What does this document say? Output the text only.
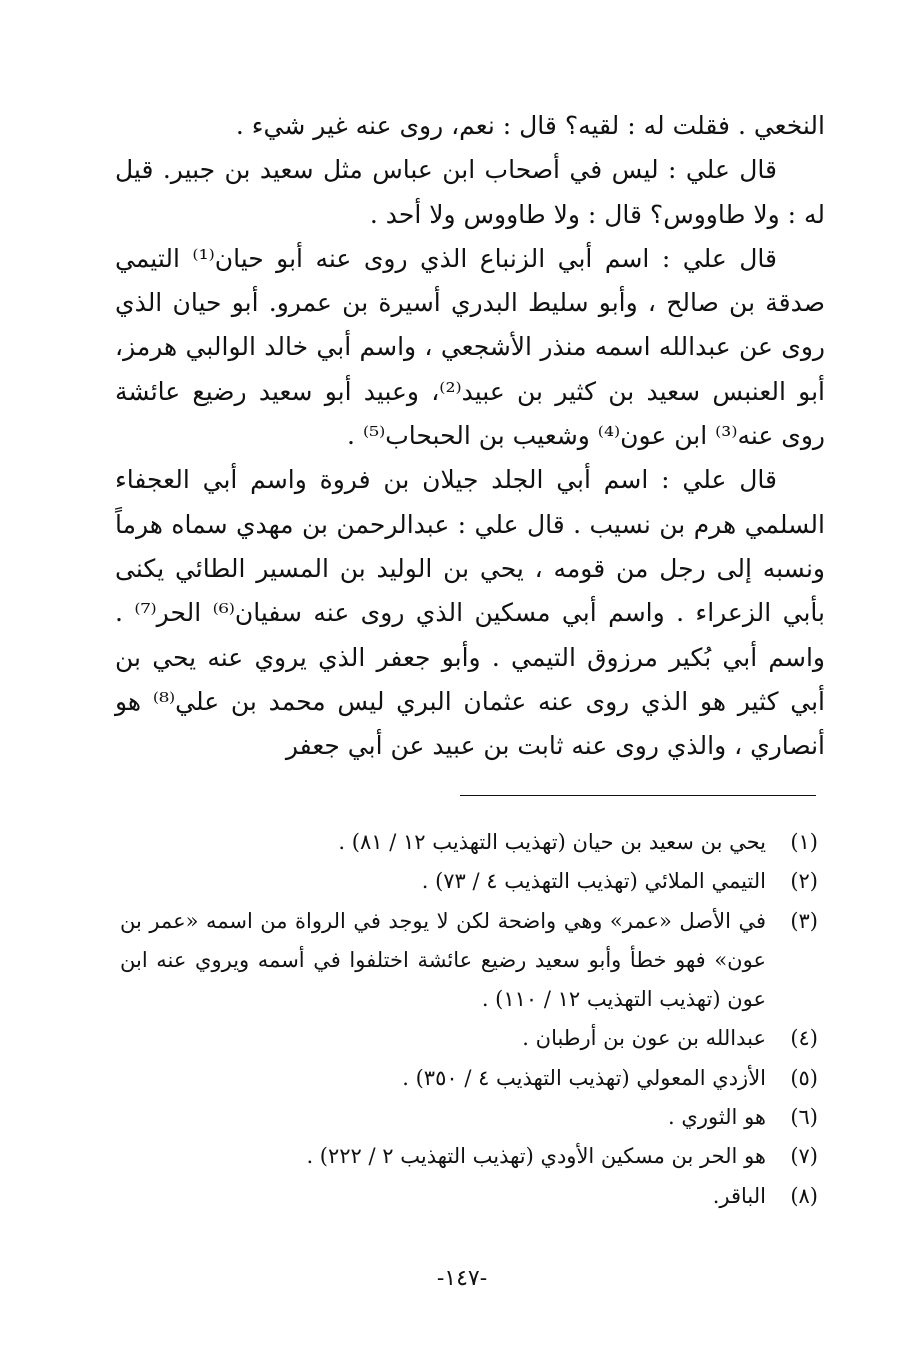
النخعي . فقلت له : لقيه؟ قال : نعم، روى عنه غير شيء .

قال علي : ليس في أصحاب ابن عباس مثل سعيد بن جبير. قيل له : ولا طاووس؟ قال : ولا طاووس ولا أحد .

قال علي : اسم أبي الزنباع الذي روى عنه أبو حيان⁽¹⁾ التيمي صدقة بن صالح ، وأبو سليط البدري أسيرة بن عمرو. أبو حيان الذي روى عن عبدالله اسمه منذر الأشجعي ، واسم أبي خالد الوالبي هرمز، أبو العنبس سعيد بن كثير بن عبيد⁽²⁾، وعبيد أبو سعيد رضيع عائشة روى عنه⁽³⁾ ابن عون⁽⁴⁾ وشعيب بن الحبحاب⁽⁵⁾ .

قال علي : اسم أبي الجلد جيلان بن فروة واسم أبي العجفاء السلمي هرم بن نسيب . قال علي : عبدالرحمن بن مهدي سماه هرماً ونسبه إلى رجل من قومه ، يحي بن الوليد بن المسير الطائي يكنى بأبي الزعراء . واسم أبي مسكين الذي روى عنه سفيان⁽⁶⁾ الحر⁽⁷⁾ . واسم أبي بُكير مرزوق التيمي . وأبو جعفر الذي يروي عنه يحي بن أبي كثير هو الذي روى عنه عثمان البري ليس محمد بن علي⁽⁸⁾ هو أنصاري ، والذي روى عنه ثابت بن عبيد عن أبي جعفر

(١)
يحي بن سعيد بن حيان (تهذيب التهذيب ١٢ / ٨١) .
(٢)
التيمي الملائي (تهذيب التهذيب ٤ / ٧٣) .
(٣)
في الأصل «عمر» وهي واضحة لكن لا يوجد في الرواة من اسمه «عمر بن عون» فهو خطأ وأبو سعيد رضيع عائشة اختلفوا في أسمه ويروي عنه ابن عون (تهذيب التهذيب ١٢ / ١١٠) .
(٤)
عبدالله بن عون بن أرطبان .
(٥)
الأزدي المعولي (تهذيب التهذيب ٤ / ٣٥٠) .
(٦)
هو الثوري .
(٧)
هو الحر بن مسكين الأودي (تهذيب التهذيب ٢ / ٢٢٢) .
(٨)
الباقر.
-١٤٧-
